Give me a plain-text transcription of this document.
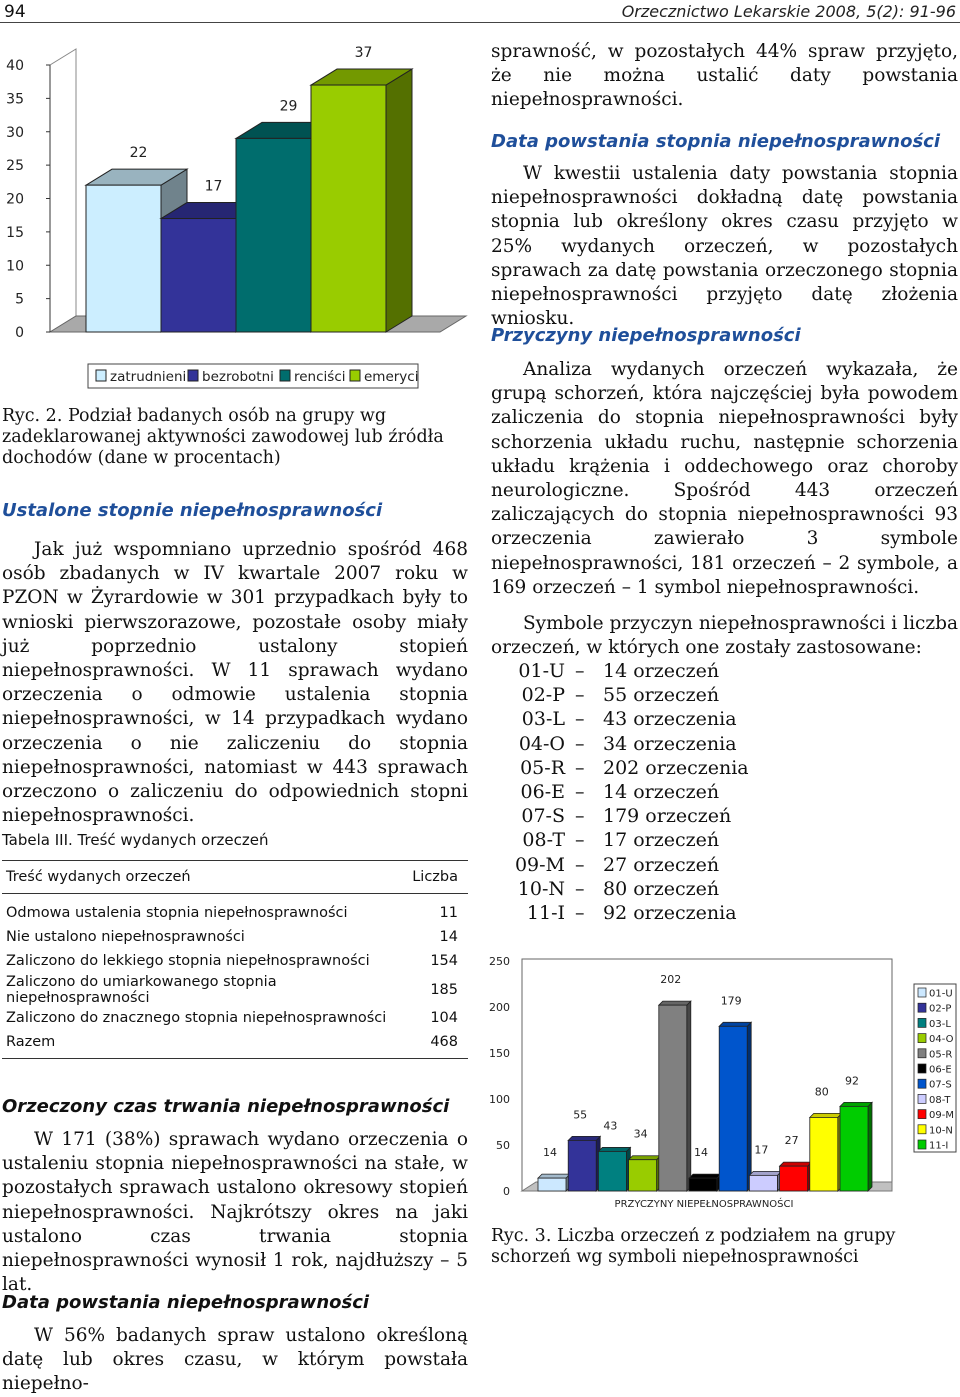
94	Orzecznictwo Lekarskie 2008, 5(2): 91-96
0
5
10
15
20
25
30
35
40
22
17
29
37
zatrudnieni bezrobotni renciści emeryci
Ryc. 2. Podział badanych osób na grupy wg zadeklarowanej aktywności zawodowej lub źródła dochodów (dane w procentach)
Ustalone stopnie niepełnosprawności
Jak już wspomniano uprzednio spośród 468 osób zbadanych w IV kwartale 2007 roku w PZON w Żyrardowie w 301 przypadkach były to wnioski pierwszorazowe, pozostałe osoby miały już poprzednio ustalony stopień niepełnosprawności. W 11 sprawach wydano orzeczenia o odmowie ustalenia stopnia niepełnosprawności, w 14 przypadkach wydano orzeczenia o nie zaliczeniu do stopnia niepełnosprawności, natomiast w 443 sprawach orzeczono o zaliczeniu do odpowiednich stopni niepełnosprawności.
Tabela III. Treść wydanych orzeczeń
Treść wydanych orzeczeń	Liczba
Odmowa ustalenia stopnia niepełnosprawności	11
Nie ustalono niepełnosprawności	14
Zaliczono do lekkiego stopnia niepełnosprawności	154
Zaliczono do umiarkowanego stopnia niepełnosprawności	185
Zaliczono do znacznego stopnia niepełnosprawności	104
Razem	468
Orzeczony czas trwania niepełnosprawności
W 171 (38%) sprawach wydano orzeczenia o ustaleniu stopnia niepełnosprawności na stałe, w pozostałych sprawach ustalono okresowy stopień niepełnosprawności. Najkrótszy okres na jaki ustalono czas trwania stopnia niepełnosprawności wynosił 1 rok, najdłuższy – 5 lat.
Data powstania niepełnosprawności
W 56% badanych spraw ustalono określoną datę lub okres czasu, w którym powstała niepełno-
sprawność, w pozostałych 44% spraw przyjęto, że nie można ustalić daty powstania niepełnosprawności.
Data powstania stopnia niepełnosprawności
W kwestii ustalenia daty powstania stopnia niepełnosprawności dokładną datę powstania stopnia lub określony okres czasu przyjęto w 25% wydanych orzeczeń, w pozostałych sprawach za datę powstania orzeczonego stopnia niepełnosprawności przyjęto datę złożenia wniosku.
Przyczyny niepełnosprawności
Analiza wydanych orzeczeń wykazała, że grupą schorzeń, która najczęściej była powodem zaliczenia do stopnia niepełnosprawności były schorzenia układu ruchu, następnie schorzenia układu krążenia i oddechowego oraz choroby neurologiczne. Spośród 443 orzeczeń zaliczających do stopnia niepełnosprawności 93 orzeczenia zawierało 3 symbole niepełnosprawności, 181 orzeczeń – 2 symbole, a 169 orzeczeń – 1 symbol niepełnosprawności.
Symbole przyczyn niepełnosprawności i liczba orzeczeń, w których one zostały zastosowane:
01-U – 14 orzeczeń
02-P – 55 orzeczeń
03-L – 43 orzeczenia
04-O – 34 orzeczenia
05-R – 202 orzeczenia
06-E – 14 orzeczeń
07-S – 179 orzeczeń
08-T – 17 orzeczeń
09-M – 27 orzeczeń
10-N – 80 orzeczeń
11-I – 92 orzeczenia
0
50
100
150
200
250
14
55
43
34
202
14
179
17
27
80
92
PRZYCZYNY NIEPEŁNOSPRAWNOŚCI
01-U
02-P
03-L
04-O
05-R
06-E
07-S
08-T
09-M
10-N
11-I
Ryc. 3. Liczba orzeczeń z podziałem na grupy schorzeń wg symboli niepełnosprawności
